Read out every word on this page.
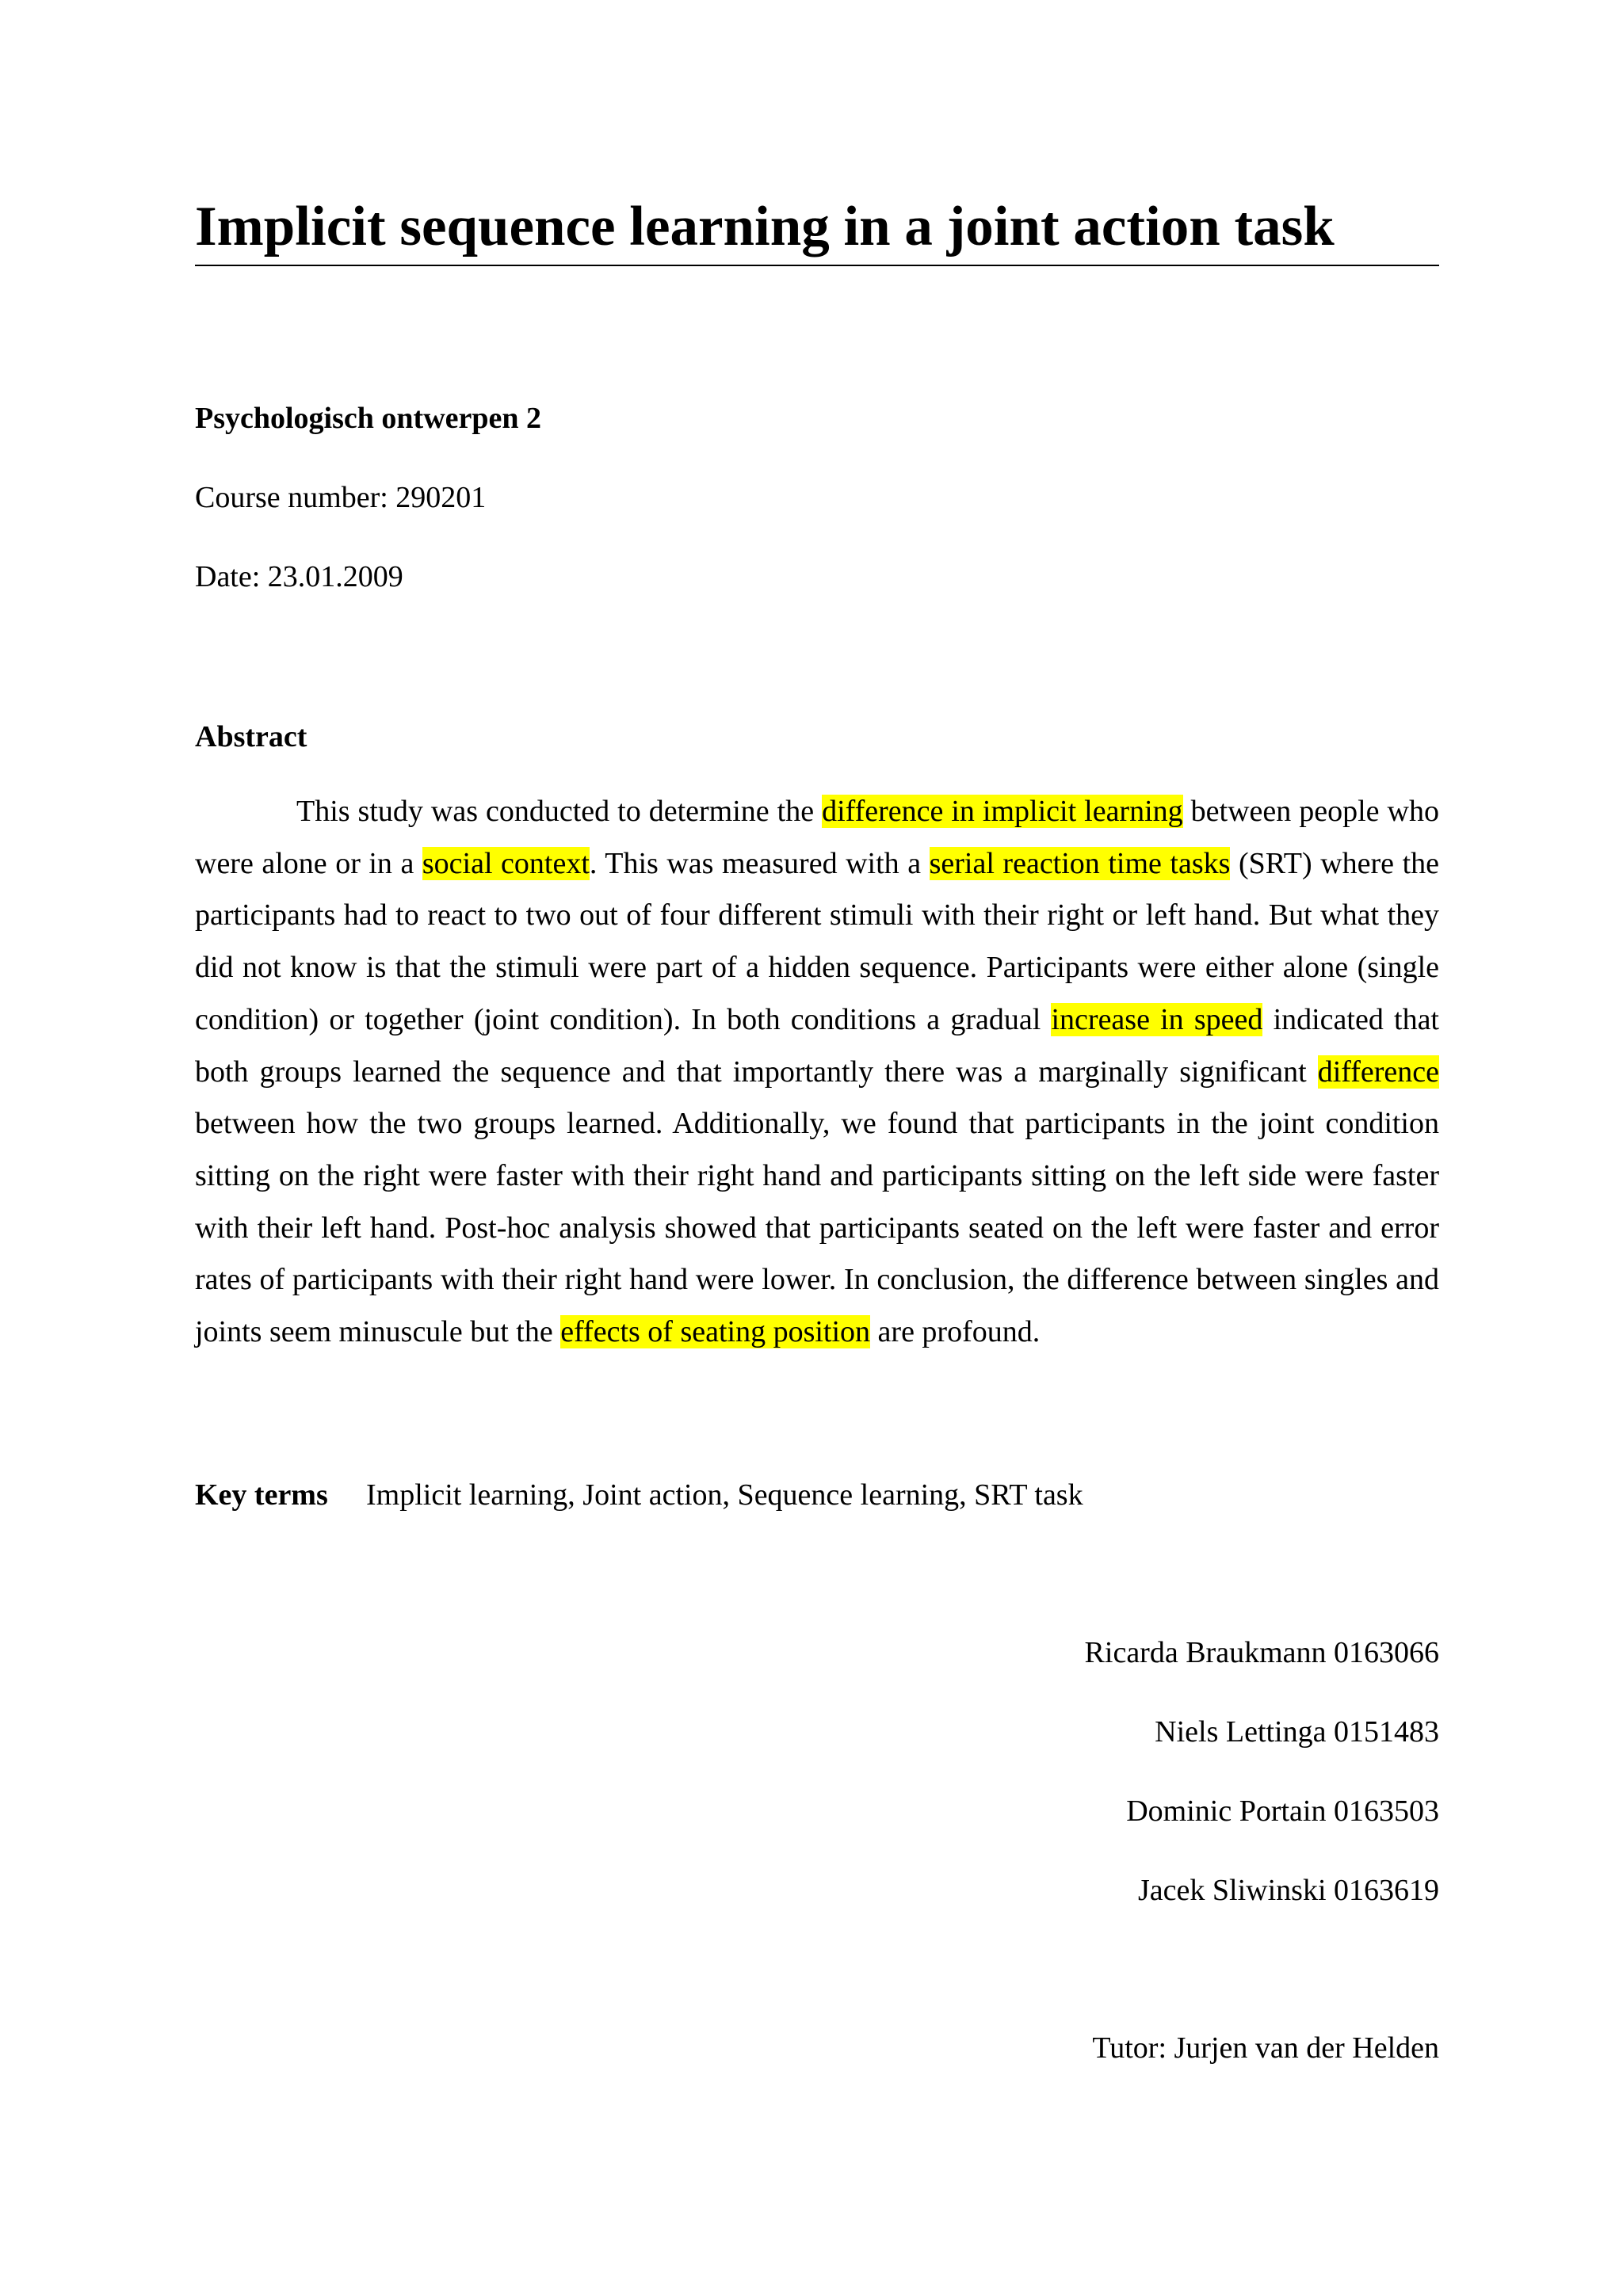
Implicit sequence learning in a joint action task
Psychologisch ontwerpen 2
Course number: 290201
Date: 23.01.2009
Abstract

This study was conducted to determine the difference in implicit learning between people who were alone or in a social context. This was measured with a serial reaction time tasks (SRT) where the participants had to react to two out of four different stimuli with their right or left hand. But what they did not know is that the stimuli were part of a hidden sequence. Participants were either alone (single condition) or together (joint condition). In both conditions a gradual increase in speed indicated that both groups learned the sequence and that importantly there was a marginally significant difference between how the two groups learned. Additionally, we found that participants in the joint condition sitting on the right were faster with their right hand and participants sitting on the left side were faster with their left hand. Post-hoc analysis showed that participants seated on the left were faster and error rates of participants with their right hand were lower. In conclusion, the difference between singles and joints seem minuscule but the effects of seating position are profound.

Key terms Implicit learning, Joint action, Sequence learning, SRT task
Ricarda Braukmann 0163066
Niels Lettinga 0151483
Dominic Portain 0163503
Jacek Sliwinski 0163619
Tutor: Jurjen van der Helden
